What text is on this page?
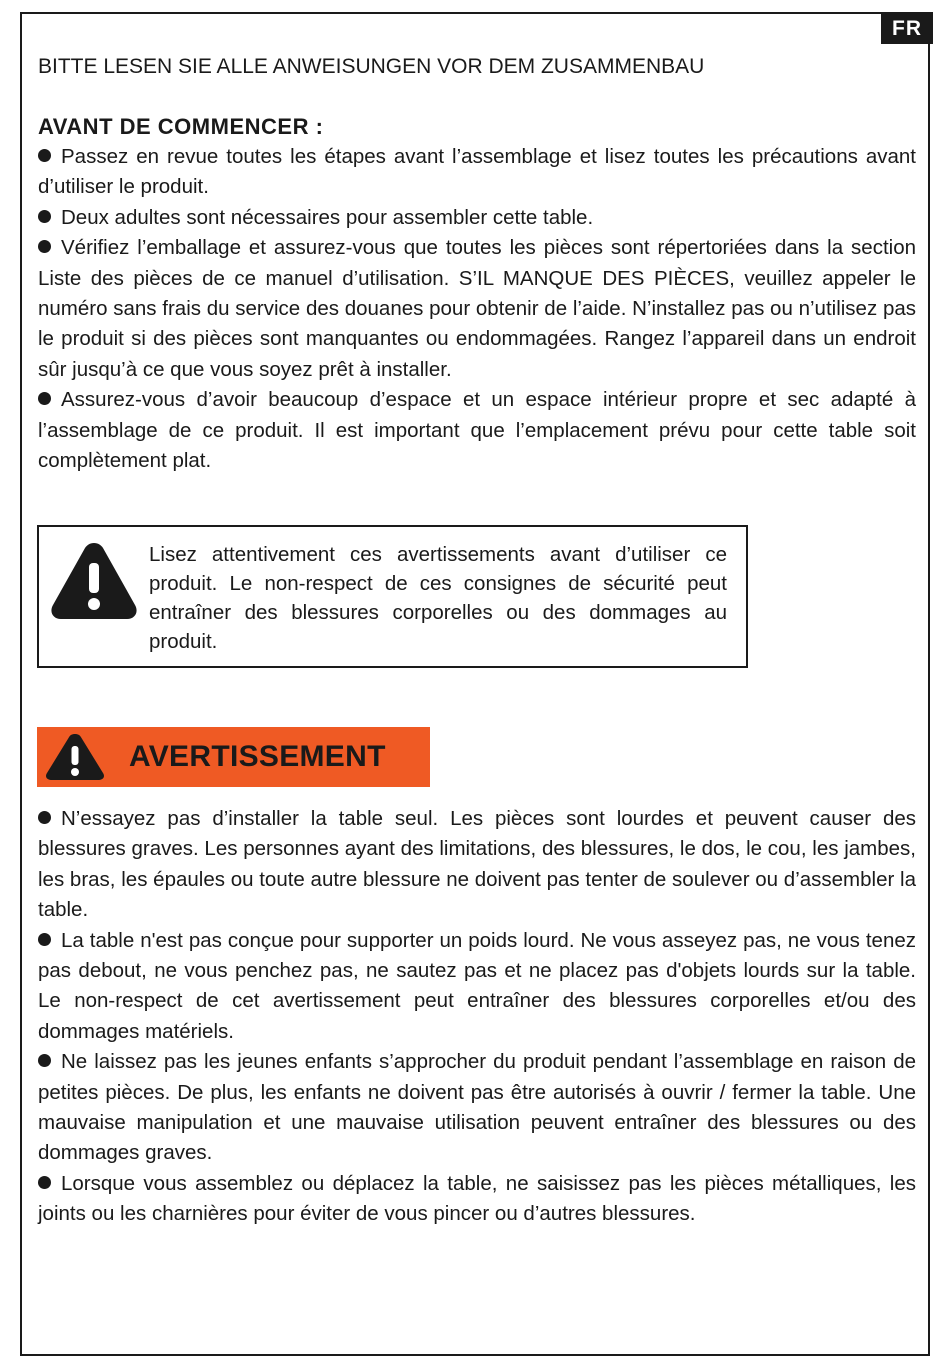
FR

BITTE LESEN SIE ALLE ANWEISUNGEN VOR DEM ZUSAMMENBAU

AVANT DE COMMENCER :

Passez en revue toutes les étapes avant l’assemblage et lisez toutes les précautions avant d’utiliser le produit.

Deux adultes sont nécessaires pour assembler cette table.

Vérifiez l’emballage et assurez-vous que toutes les pièces sont répertoriées dans la section Liste des pièces de ce manuel d’utilisation. S’IL MANQUE DES PIÈCES, veuillez appeler le numéro sans frais du service des douanes pour obtenir de l’aide. N’installez pas ou n’utilisez pas le produit si des pièces sont manquantes ou endommagées. Rangez l’appareil dans un endroit sûr jusqu’à ce que vous soyez prêt à installer.

Assurez-vous d’avoir beaucoup d’espace et un espace intérieur propre et sec adapté à l’assemblage de ce produit. Il est important que l’emplacement prévu pour cette table soit complètement plat.

Lisez attentivement ces avertissements avant d’utiliser ce produit. Le non-respect de ces consignes de sécurité peut entraîner des blessures corporelles ou des dommages au produit.

AVERTISSEMENT

N’essayez pas d’installer la table seul. Les pièces sont lourdes et peuvent causer des blessures graves. Les personnes ayant des limitations, des blessures, le dos, le cou, les jambes, les bras, les épaules ou toute autre blessure ne doivent pas tenter de soulever ou d’assembler la table.

La table n'est pas conçue pour supporter un poids lourd. Ne vous asseyez pas, ne vous tenez pas debout, ne vous penchez pas, ne sautez pas et ne placez pas d'objets lourds sur la table. Le non-respect de cet avertissement peut entraîner des blessures corporelles et/ou des dommages matériels.

Ne laissez pas les jeunes enfants s’approcher du produit pendant l’assemblage en raison de petites pièces. De plus, les enfants ne doivent pas être autorisés à ouvrir / fermer la table. Une mauvaise manipulation et une mauvaise utilisation peuvent entraîner des blessures ou des dommages graves.

Lorsque vous assemblez ou déplacez la table, ne saisissez pas les pièces métalliques, les joints ou les charnières pour éviter de vous pincer ou d’autres blessures.
